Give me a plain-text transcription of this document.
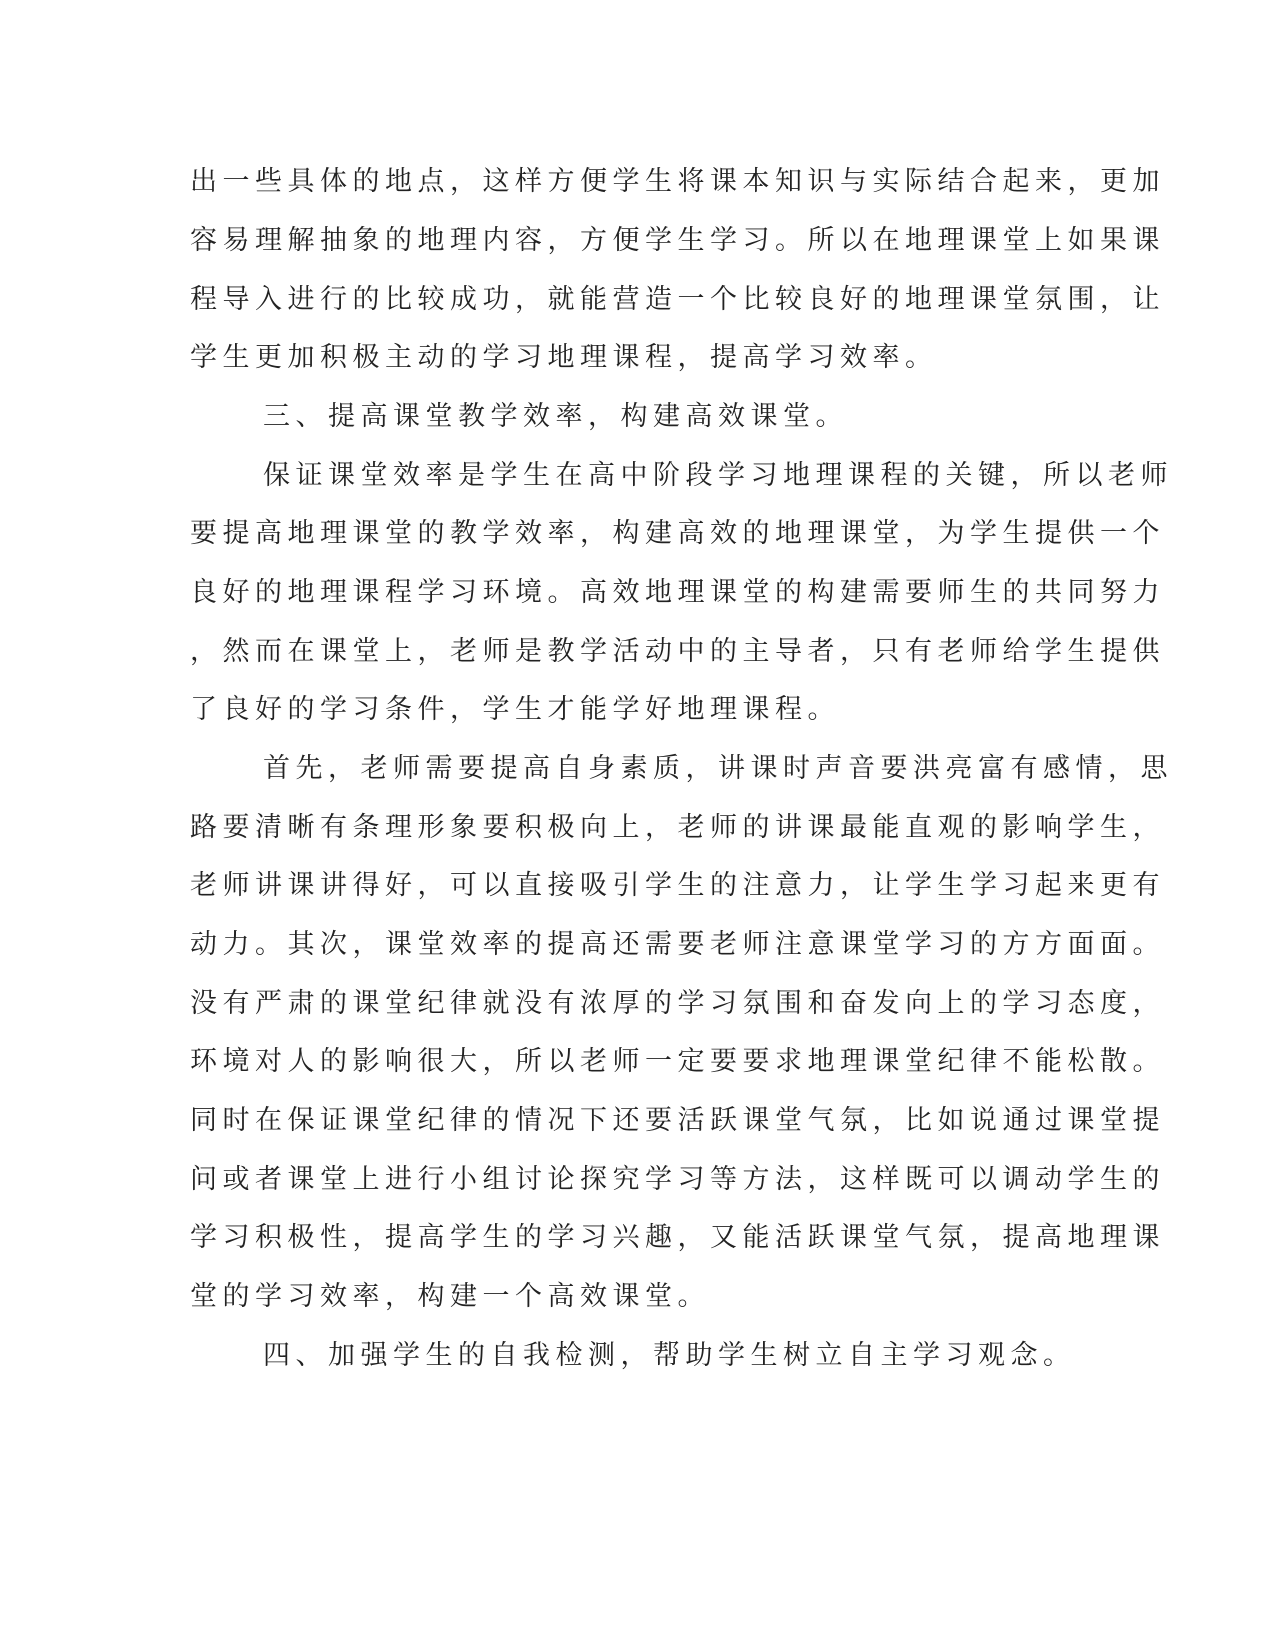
出一些具体的地点，这样方便学生将课本知识与实际结合起来，更加
容易理解抽象的地理内容，方便学生学习。所以在地理课堂上如果课
程导入进行的比较成功，就能营造一个比较良好的地理课堂氛围，让
学生更加积极主动的学习地理课程，提高学习效率。
三、提高课堂教学效率，构建高效课堂。
保证课堂效率是学生在高中阶段学习地理课程的关键，所以老师
要提高地理课堂的教学效率，构建高效的地理课堂，为学生提供一个
良好的地理课程学习环境。高效地理课堂的构建需要师生的共同努力
，然而在课堂上，老师是教学活动中的主导者，只有老师给学生提供
了良好的学习条件，学生才能学好地理课程。
首先，老师需要提高自身素质，讲课时声音要洪亮富有感情，思
路要清晰有条理形象要积极向上，老师的讲课最能直观的影响学生，
老师讲课讲得好，可以直接吸引学生的注意力，让学生学习起来更有
动力。其次，课堂效率的提高还需要老师注意课堂学习的方方面面。
没有严肃的课堂纪律就没有浓厚的学习氛围和奋发向上的学习态度，
环境对人的影响很大，所以老师一定要要求地理课堂纪律不能松散。
同时在保证课堂纪律的情况下还要活跃课堂气氛，比如说通过课堂提
问或者课堂上进行小组讨论探究学习等方法，这样既可以调动学生的
学习积极性，提高学生的学习兴趣，又能活跃课堂气氛，提高地理课
堂的学习效率，构建一个高效课堂。
四、加强学生的自我检测，帮助学生树立自主学习观念。
